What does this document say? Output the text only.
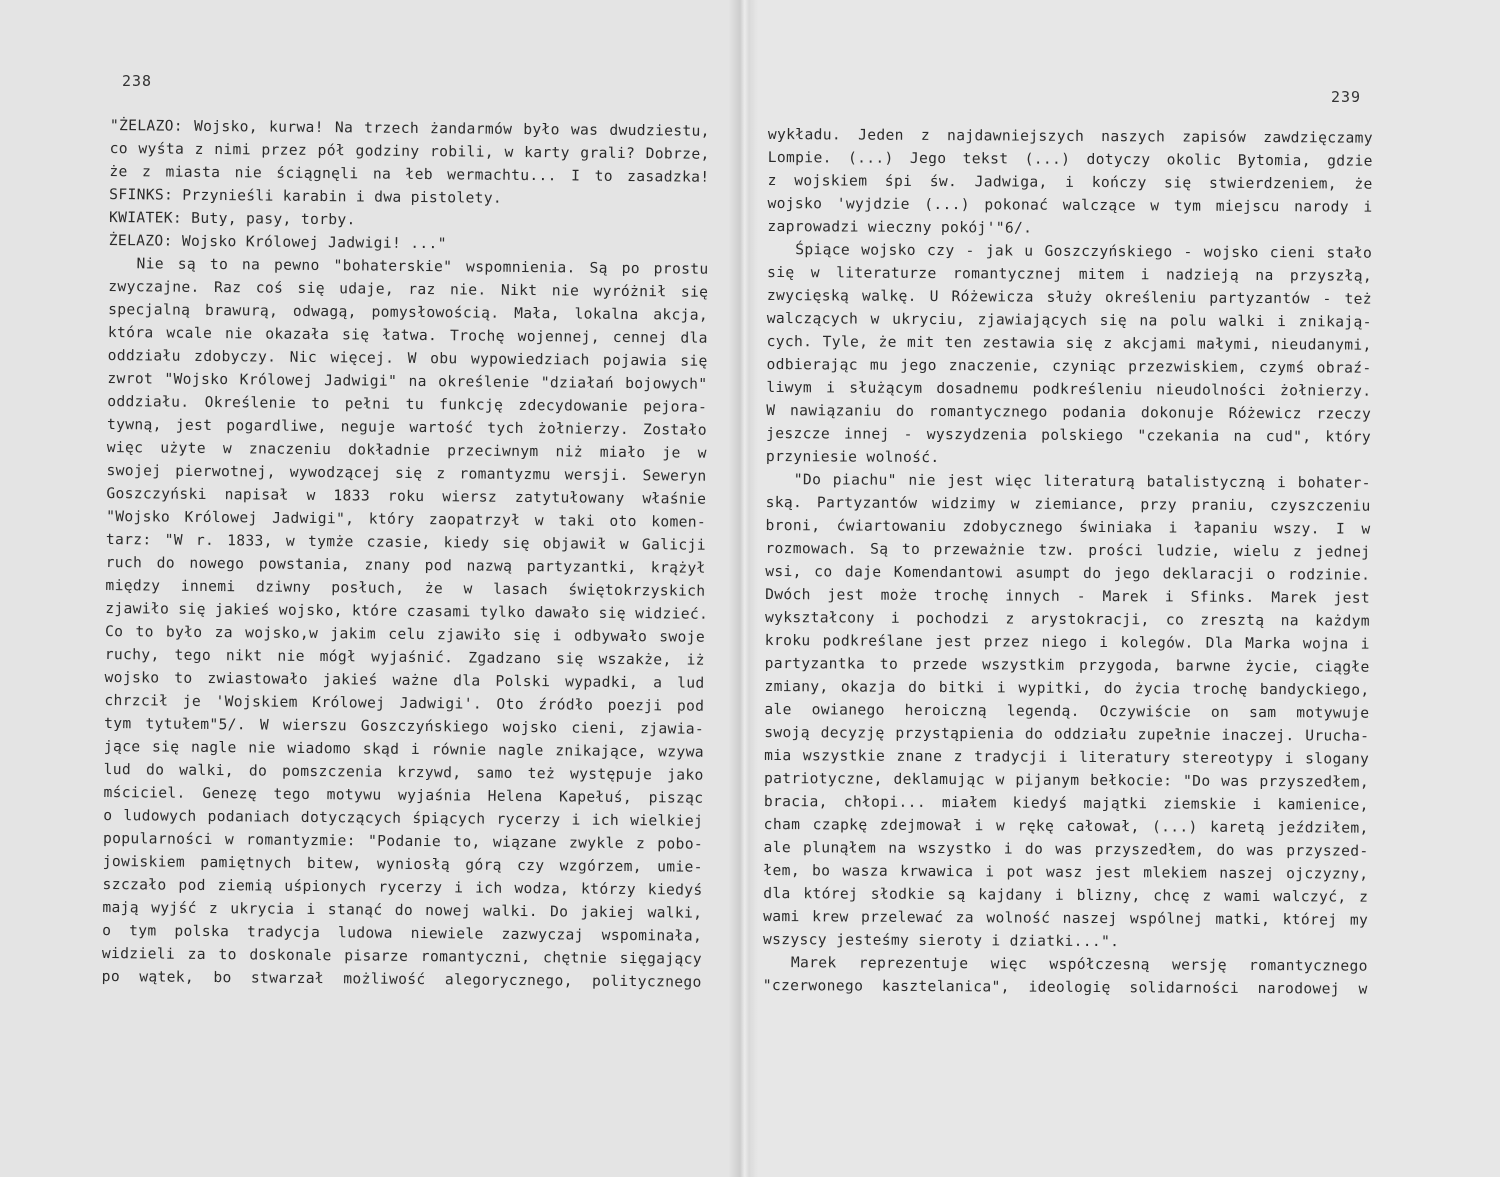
238
"ŻELAZO: Wojsko, kurwa! Na trzech żandarmów było was dwudziestu,
co wyśta z nimi przez pół godziny robili, w karty grali? Dobrze,
że z miasta nie ściągnęli na łeb wermachtu... I to zasadzka!
SFINKS: Przynieśli karabin i dwa pistolety.
KWIATEK: Buty, pasy, torby.
ŻELAZO: Wojsko Królowej Jadwigi! ..."
Nie są to na pewno "bohaterskie" wspomnienia. Są po prostu
zwyczajne. Raz coś się udaje, raz nie. Nikt nie wyróżnił się
specjalną brawurą, odwagą, pomysłowością. Mała, lokalna akcja,
która wcale nie okazała się łatwa. Trochę wojennej, cennej dla
oddziału zdobyczy. Nic więcej. W obu wypowiedziach pojawia się
zwrot "Wojsko Królowej Jadwigi" na określenie "działań bojowych"
oddziału. Określenie to pełni tu funkcję zdecydowanie pejora-
tywną, jest pogardliwe, neguje wartość tych żołnierzy. Zostało
więc użyte w znaczeniu dokładnie przeciwnym niż miało je w
swojej pierwotnej, wywodzącej się z romantyzmu wersji. Seweryn
Goszczyński napisał w 1833 roku wiersz zatytułowany właśnie
"Wojsko Królowej Jadwigi", który zaopatrzył w taki oto komen-
tarz: "W r. 1833, w tymże czasie, kiedy się objawił w Galicji
ruch do nowego powstania, znany pod nazwą partyzantki, krążył
między innemi dziwny posłuch, że w lasach świętokrzyskich
zjawiło się jakieś wojsko, które czasami tylko dawało się widzieć.
Co to było za wojsko,w jakim celu zjawiło się i odbywało swoje
ruchy, tego nikt nie mógł wyjaśnić. Zgadzano się wszakże, iż
wojsko to zwiastowało jakieś ważne dla Polski wypadki, a lud
chrzcił je 'Wojskiem Królowej Jadwigi'. Oto źródło poezji pod
tym tytułem"5/. W wierszu Goszczyńskiego wojsko cieni, zjawia-
jące się nagle nie wiadomo skąd i równie nagle znikające, wzywa
lud do walki, do pomszczenia krzywd, samo też występuje jako
mściciel. Genezę tego motywu wyjaśnia Helena Kapełuś, pisząc
o ludowych podaniach dotyczących śpiących rycerzy i ich wielkiej
popularności w romantyzmie: "Podanie to, wiązane zwykle z pobo-
jowiskiem pamiętnych bitew, wyniosłą górą czy wzgórzem, umie-
szczało pod ziemią uśpionych rycerzy i ich wodza, którzy kiedyś
mają wyjść z ukrycia i stanąć do nowej walki. Do jakiej walki,
o tym polska tradycja ludowa niewiele zazwyczaj wspominała,
widzieli za to doskonale pisarze romantyczni, chętnie sięgający
po wątek, bo stwarzał możliwość alegorycznego, politycznego
239
wykładu. Jeden z najdawniejszych naszych zapisów zawdzięczamy
Lompie. (...) Jego tekst (...) dotyczy okolic Bytomia, gdzie
z wojskiem śpi św. Jadwiga, i kończy się stwierdzeniem, że
wojsko 'wyjdzie (...) pokonać walczące w tym miejscu narody i
zaprowadzi wieczny pokój'"6/.
Śpiące wojsko czy - jak u Goszczyńskiego - wojsko cieni stało
się w literaturze romantycznej mitem i nadzieją na przyszłą,
zwycięską walkę. U Różewicza służy określeniu partyzantów - też
walczących w ukryciu, zjawiających się na polu walki i znikają-
cych. Tyle, że mit ten zestawia się z akcjami małymi, nieudanymi,
odbierając mu jego znaczenie, czyniąc przezwiskiem, czymś obraź-
liwym i służącym dosadnemu podkreśleniu nieudolności żołnierzy.
W nawiązaniu do romantycznego podania dokonuje Różewicz rzeczy
jeszcze innej - wyszydzenia polskiego "czekania na cud", który
przyniesie wolność.
"Do piachu" nie jest więc literaturą batalistyczną i bohater-
ską. Partyzantów widzimy w ziemiance, przy praniu, czyszczeniu
broni, ćwiartowaniu zdobycznego świniaka i łapaniu wszy. I w
rozmowach. Są to przeważnie tzw. prości ludzie, wielu z jednej
wsi, co daje Komendantowi asumpt do jego deklaracji o rodzinie.
Dwóch jest może trochę innych - Marek i Sfinks. Marek jest
wykształcony i pochodzi z arystokracji, co zresztą na każdym
kroku podkreślane jest przez niego i kolegów. Dla Marka wojna i
partyzantka to przede wszystkim przygoda, barwne życie, ciągłe
zmiany, okazja do bitki i wypitki, do życia trochę bandyckiego,
ale owianego heroiczną legendą. Oczywiście on sam motywuje
swoją decyzję przystąpienia do oddziału zupełnie inaczej. Urucha-
mia wszystkie znane z tradycji i literatury stereotypy i slogany
patriotyczne, deklamując w pijanym bełkocie: "Do was przyszedłem,
bracia, chłopi... miałem kiedyś majątki ziemskie i kamienice,
cham czapkę zdejmował i w rękę całował, (...) karetą jeździłem,
ale plunąłem na wszystko i do was przyszedłem, do was przyszed-
łem, bo wasza krwawica i pot wasz jest mlekiem naszej ojczyzny,
dla której słodkie są kajdany i blizny, chcę z wami walczyć, z
wami krew przelewać za wolność naszej wspólnej matki, której my
wszyscy jesteśmy sieroty i dziatki...".
Marek reprezentuje więc współczesną wersję romantycznego
"czerwonego kasztelanica", ideologię solidarności narodowej w
